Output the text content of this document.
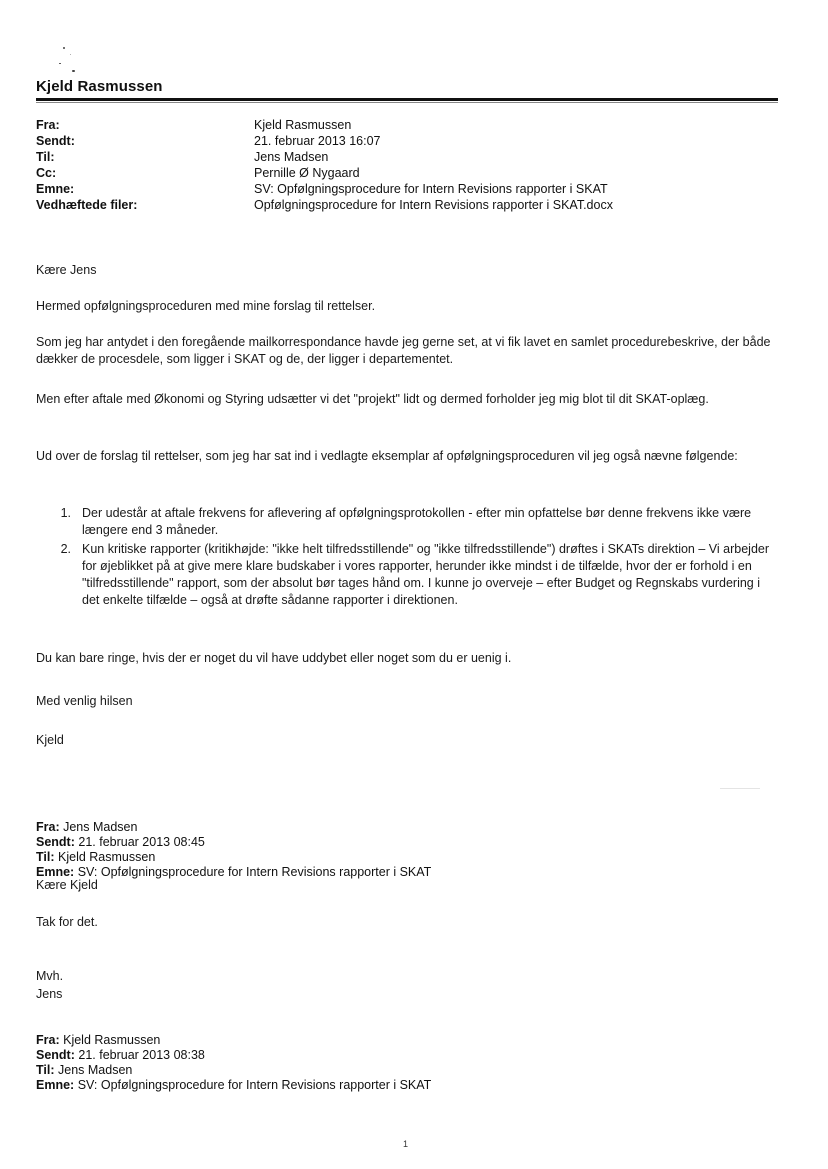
Kjeld Rasmussen
Fra:	Kjeld Rasmussen
Sendt:	21. februar 2013 16:07
Til:	Jens Madsen
Cc:	Pernille Ø Nygaard
Emne:	SV: Opfølgningsprocedure for Intern Revisions rapporter i SKAT
Vedhæftede filer:	Opfølgningsprocedure for Intern Revisions rapporter i SKAT.docx

Kære Jens

Hermed opfølgningsproceduren med mine forslag til rettelser.

Som jeg har antydet i den foregående mailkorrespondance havde jeg gerne set, at vi fik lavet en samlet procedurebeskrive, der både dækker de procesdele, som ligger i SKAT og de, der ligger i departementet.

Men efter aftale med Økonomi og Styring udsætter vi det "projekt" lidt og dermed forholder jeg mig blot til dit SKAT-oplæg.

Ud over de forslag til rettelser, som jeg har sat ind i vedlagte eksemplar af opfølgningsproceduren vil jeg også nævne følgende:

1. Der udestår at aftale frekvens for aflevering af opfølgningsprotokollen - efter min opfattelse bør denne frekvens ikke være længere end 3 måneder.
2. Kun kritiske rapporter (kritikhøjde: "ikke helt tilfredsstillende" og "ikke tilfredsstillende") drøftes i SKATs direktion – Vi arbejder for øjeblikket på at give mere klare budskaber i vores rapporter, herunder ikke mindst i de tilfælde, hvor der er forhold i en "tilfredsstillende" rapport, som der absolut bør tages hånd om. I kunne jo overveje – efter Budget og Regnskabs vurdering i det enkelte tilfælde – også at drøfte sådanne rapporter i direktionen.

Du kan bare ringe, hvis der er noget du vil have uddybet eller noget som du er uenig i.

Med venlig hilsen

Kjeld

Fra: Jens Madsen
Sendt: 21. februar 2013 08:45
Til: Kjeld Rasmussen
Emne: SV: Opfølgningsprocedure for Intern Revisions rapporter i SKAT

Kære Kjeld

Tak for det.

Mvh.

Jens

Fra: Kjeld Rasmussen
Sendt: 21. februar 2013 08:38
Til: Jens Madsen
Emne: SV: Opfølgningsprocedure for Intern Revisions rapporter i SKAT
1
